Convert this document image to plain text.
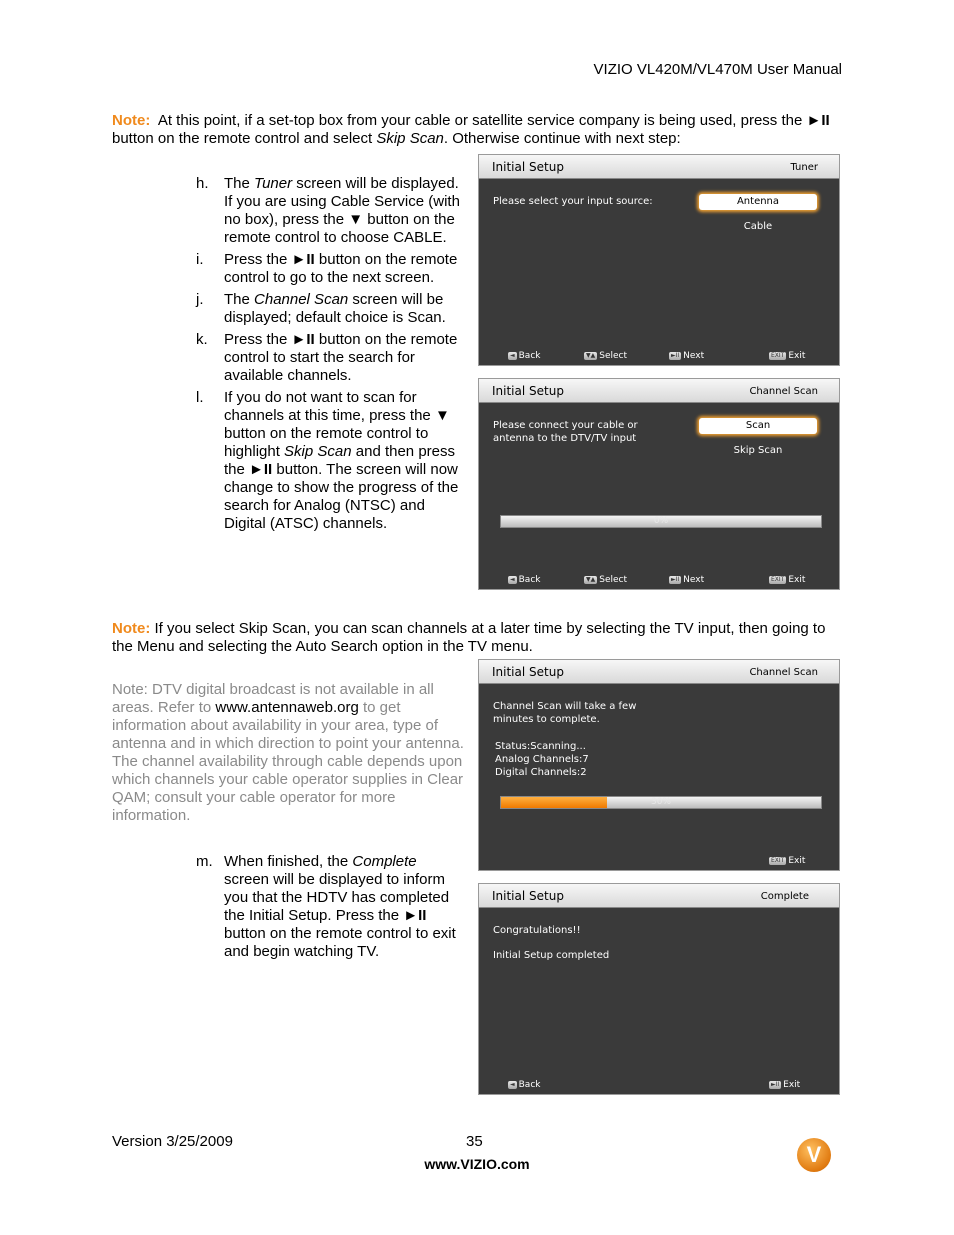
VIZIO VL420M/VL470M User Manual
Note: At this point, if a set-top box from your cable or satellite service company is being used, press the ►II button on the remote control and select Skip Scan. Otherwise continue with next step:
h. The Tuner screen will be displayed. If you are using Cable Service (with no box), press the ▼ button on the remote control to choose CABLE.
i. Press the ►II button on the remote control to go to the next screen.
j. The Channel Scan screen will be displayed; default choice is Scan.
k. Press the ►II button on the remote control to start the search for available channels.
l. If you do not want to scan for channels at this time, press the ▼ button on the remote control to highlight Skip Scan and then press the ►II button. The screen will now change to show the progress of the search for Analog (NTSC) and Digital (ATSC) channels.
Initial Setup	Tuner
Please select your input source:	Antenna
Cable
◄ Back	▼▲ Select	►II Next	EXIT Exit
Initial Setup	Channel Scan
Please connect your cable or
antenna to the DTV/TV input
Scan
Skip Scan
0%
◄ Back	▼▲ Select	►II Next	EXIT Exit
Note: If you select Skip Scan, you can scan channels at a later time by selecting the TV input, then going to the Menu and selecting the Auto Search option in the TV menu.
Note: DTV digital broadcast is not available in all areas. Refer to www.antennaweb.org to get information about availability in your area, type of antenna and in which direction to point your antenna. The channel availability through cable depends upon which channels your cable operator supplies in Clear QAM; consult your cable operator for more information.
Initial Setup	Channel Scan
Channel Scan will take a few
minutes to complete.
Status:Scanning...
Analog Channels:7
Digital Channels:2
30%
EXIT Exit
m. When finished, the Complete screen will be displayed to inform you that the HDTV has completed the Initial Setup. Press the ►II button on the remote control to exit and begin watching TV.
Initial Setup	Complete
Congratulations!!
Initial Setup completed
◄ Back	►II Exit
Version 3/25/2009	35
www.VIZIO.com	V
